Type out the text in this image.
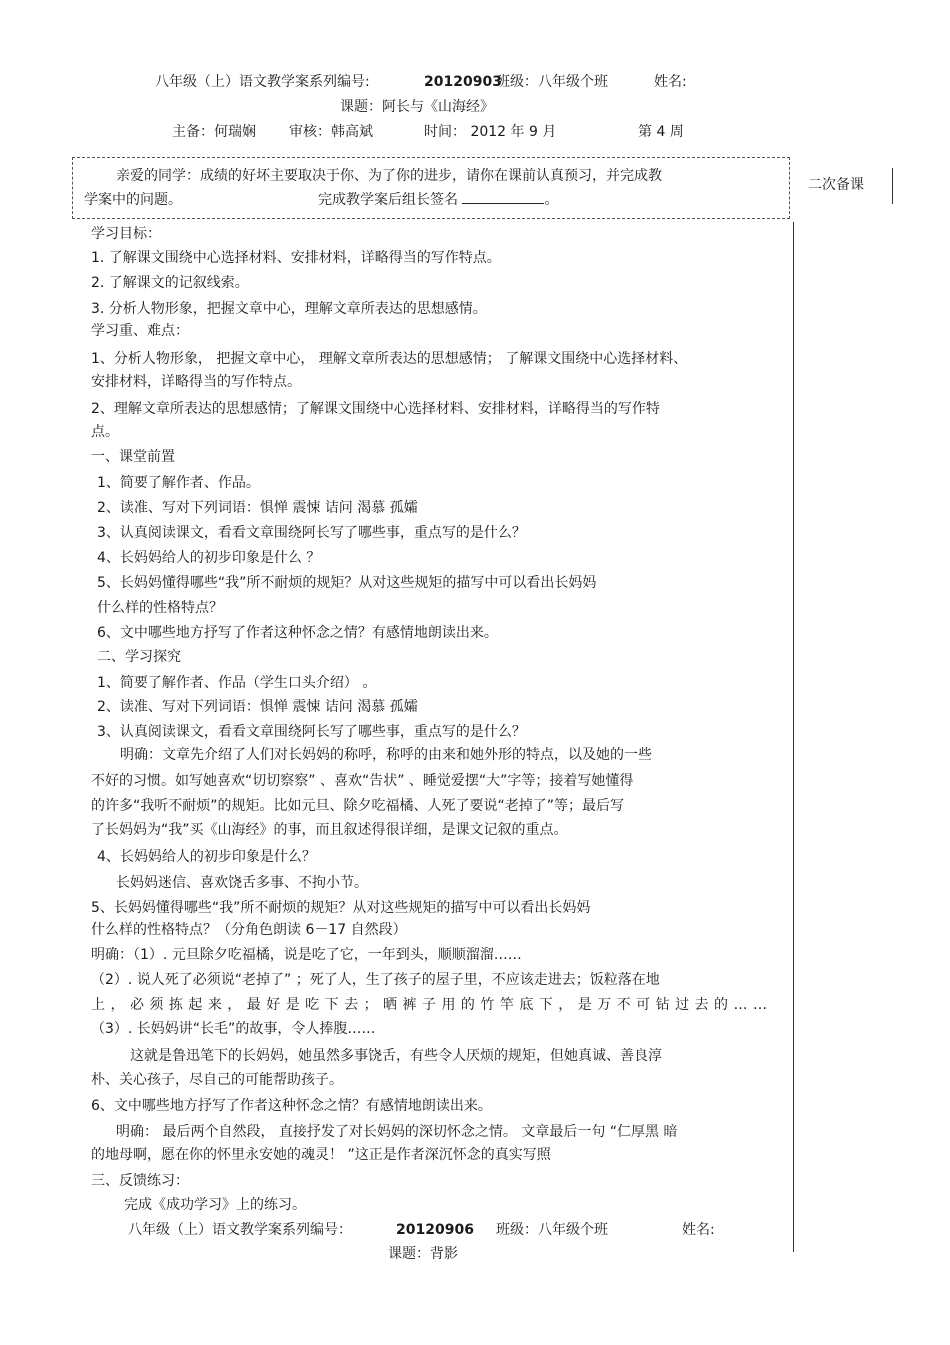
八年级（上）语文教学案系列编号:	20120903
班级：八年级个班	姓名:
课题：阿长与《山海经》
主备：何瑞娴 审核：韩高斌	时间： 2012 年 9 月	第 4 周
亲爱的同学：成绩的好坏主要取决于你、为了你的进步，请你在课前认真预习，并完成教
学案中的问题。	完成教学案后组长签名	。
二次备课
学习目标：
1. 了解课文围绕中心选择材料、安排材料，详略得当的写作特点。
2. 了解课文的记叙线索。
3. 分析人物形象，把握文章中心，理解文章所表达的思想感情。
学习重、难点：
1、分析人物形象， 把握文章中心， 理解文章所表达的思想感情； 了解课文围绕中心选择材料、
安排材料，详略得当的写作特点。
2、理解文章所表达的思想感情；了解课文围绕中心选择材料、安排材料，详略得当的写作特
点。
一、课堂前置
1、简要了解作者、作品。
2、读准、写对下列词语：惧惮 震悚 诘问 渴慕 孤孀
3、认真阅读课文，看看文章围绕阿长写了哪些事，重点写的是什么？
4、长妈妈给人的初步印象是什么 ？
5、长妈妈懂得哪些“我”所不耐烦的规矩？从对这些规矩的描写中可以看出长妈妈
什么样的性格特点？
6、文中哪些地方抒写了作者这种怀念之情？有感情地朗读出来。
二、学习探究
1、简要了解作者、作品（学生口头介绍） 。
2、读准、写对下列词语：惧惮 震悚 诘问 渴慕 孤孀
3、认真阅读课文，看看文章围绕阿长写了哪些事，重点写的是什么？
明确：文章先介绍了人们对长妈妈的称呼，称呼的由来和她外形的特点，以及她的一些
不好的习惯。如写她喜欢“切切察察” 、喜欢“告状” 、睡觉爱摆“大”字等；接着写她懂得
的许多“我听不耐烦”的规矩。比如元旦、除夕吃福橘、人死了要说“老掉了”等；最后写
了长妈妈为“我”买《山海经》的事，而且叙述得很详细，是课文记叙的重点。
4、长妈妈给人的初步印象是什么？
长妈妈迷信、喜欢饶舌多事、不拘小节。
5、长妈妈懂得哪些“我”所不耐烦的规矩？从对这些规矩的描写中可以看出长妈妈
什么样的性格特点？（分角色朗读 6－17 自然段）
明确：（1）. 元旦除夕吃福橘，说是吃了它，一年到头，顺顺溜溜……
（2）. 说人死了必须说“老掉了” ；死了人，生了孩子的屋子里，不应该走进去；饭粒落在地
上 ， 必 须 拣 起 来 ， 最 好 是 吃 下 去 ； 晒 裤 子 用 的 竹 竿 底 下 ， 是 万 不 可 钻 过 去 的 … …
（3）. 长妈妈讲“长毛”的故事，令人捧腹……
这就是鲁迅笔下的长妈妈，她虽然多事饶舌，有些令人厌烦的规矩，但她真诚、善良淳
朴、关心孩子，尽自己的可能帮助孩子。
6、文中哪些地方抒写了作者这种怀念之情？有感情地朗读出来。
明确： 最后两个自然段， 直接抒发了对长妈妈的深切怀念之情。 文章最后一句 “仁厚黑 暗
的地母啊，愿在你的怀里永安她的魂灵！ ”这正是作者深沉怀念的真实写照
三、反馈练习：
完成《成功学习》上的练习。
八年级（上）语文教学案系列编号：	20120906 班级：八年级个班	姓名:
课题：背影
